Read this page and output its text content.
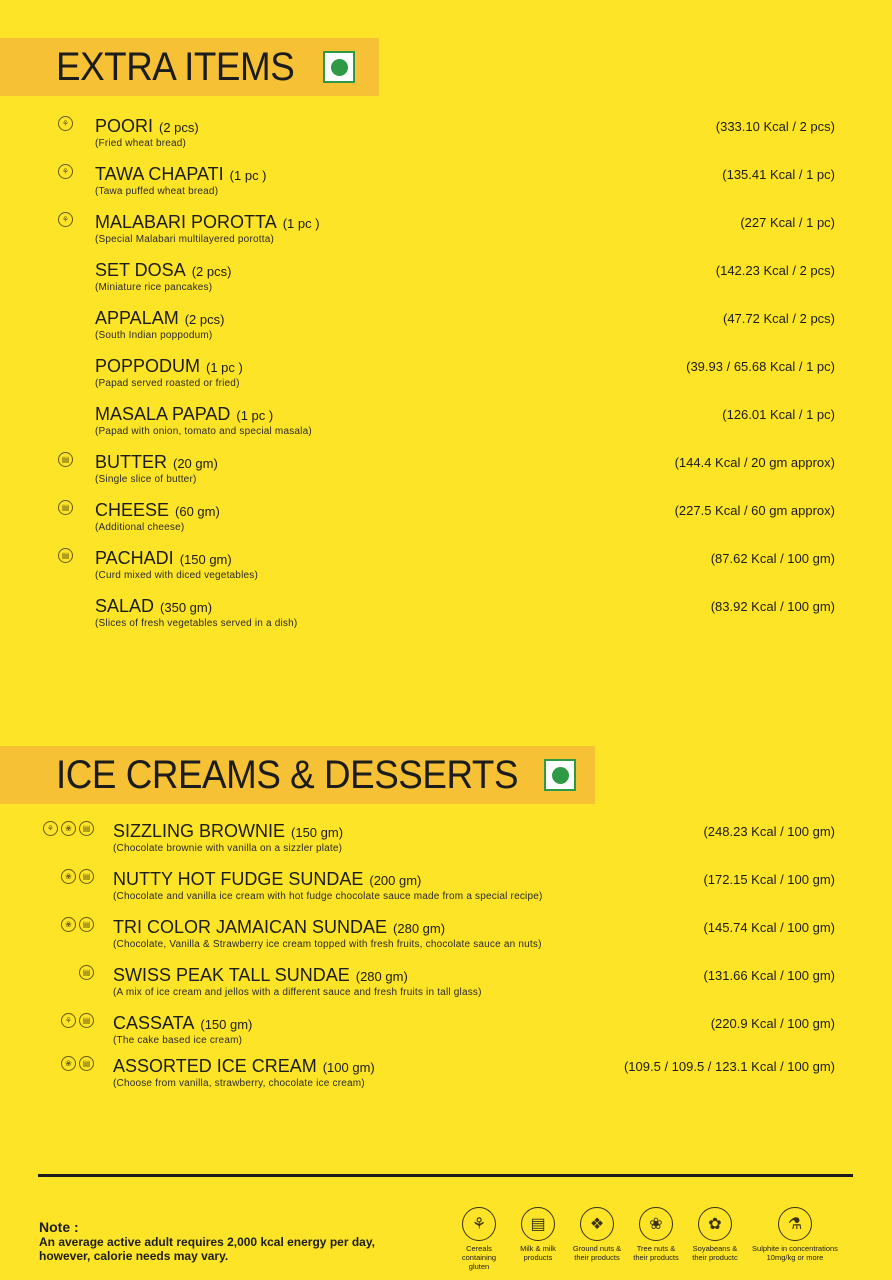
EXTRA ITEMS
⚘ POORI (2 pcs)
(Fried wheat bread)
(333.10 Kcal / 2 pcs)
⚘ TAWA CHAPATI (1 pc )
(Tawa puffed wheat bread)
(135.41 Kcal / 1 pc)
⚘ MALABARI POROTTA (1 pc )
(Special Malabari multilayered porotta)
(227 Kcal / 1 pc)
SET DOSA (2 pcs)
(Miniature rice pancakes)
(142.23 Kcal / 2 pcs)
APPALAM (2 pcs)
(South Indian poppodum)
(47.72 Kcal / 2 pcs)
POPPODUM (1 pc )
(Papad served roasted or fried)
(39.93 / 65.68 Kcal / 1 pc)
MASALA PAPAD (1 pc )
(Papad with onion, tomato and special masala)
(126.01 Kcal / 1 pc)
▤ BUTTER (20 gm)
(Single slice of butter)
(144.4 Kcal / 20 gm approx)
▤ CHEESE (60 gm)
(Additional cheese)
(227.5 Kcal / 60 gm approx)
▤ PACHADI (150 gm)
(Curd mixed with diced vegetables)
(87.62 Kcal / 100 gm)
SALAD (350 gm)
(Slices of fresh vegetables served in a dish)
(83.92 Kcal / 100 gm)
ICE CREAMS & DESSERTS
⚘	❀	▤ SIZZLING BROWNIE (150 gm)
(Chocolate brownie with vanilla on a sizzler plate)
(248.23 Kcal / 100 gm)
❀	▤ NUTTY HOT FUDGE SUNDAE (200 gm)
(Chocolate and vanilla ice cream with hot fudge chocolate sauce made from a special recipe)
(172.15 Kcal / 100 gm)
❀	▤ TRI COLOR JAMAICAN SUNDAE (280 gm)
(Chocolate, Vanilla & Strawberry ice cream topped with fresh fruits, chocolate sauce an nuts)
(145.74 Kcal / 100 gm)
▤ SWISS PEAK TALL SUNDAE (280 gm)
(A mix of ice cream and jellos with a different sauce and fresh fruits in tall glass)
(131.66 Kcal / 100 gm)
⚘	▤ CASSATA (150 gm)
(The cake based ice cream)
(220.9 Kcal / 100 gm)
❀	▤ ASSORTED ICE CREAM (100 gm)
(Choose from vanilla, strawberry, chocolate ice cream)
(109.5 / 109.5 / 123.1 Kcal / 100 gm)
Note :
An average active adult requires 2,000 kcal energy per day,
however, calorie needs may vary.
⚘
Cereals containing
gluten
▤
Milk & milk
products
❖
Ground nuts &
their products
❀
Tree nuts &
their products
✿
Soyabeans &
their productc
⚗
Sulphite in concentrations
10mg/kg or more
